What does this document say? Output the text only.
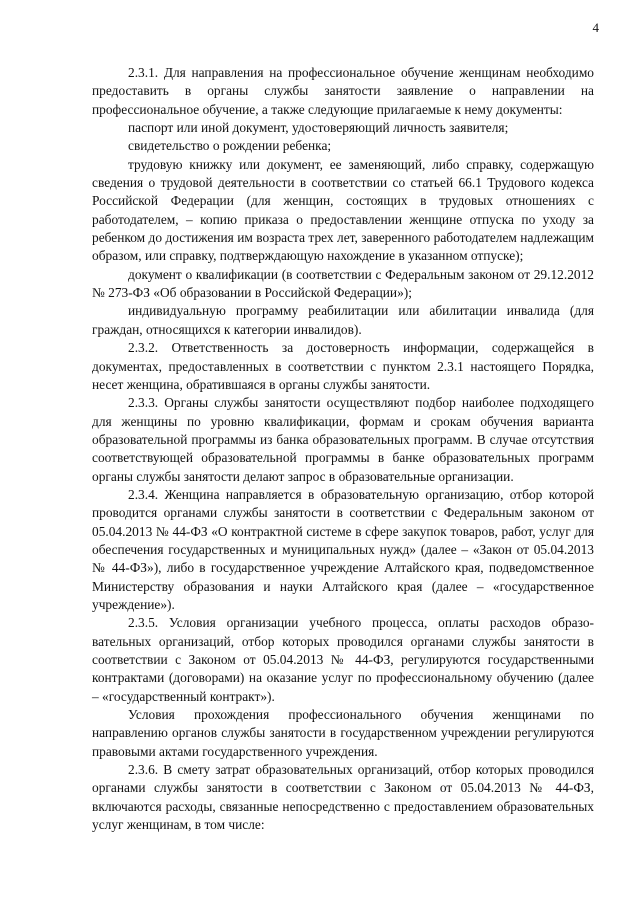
4

2.3.1. Для направления на профессиональное обучение женщинам необходимо предоставить в органы службы занятости заявление о направлении на профессиональное обучение, а также следующие прилагаемые к нему документы:

паспорт или иной документ, удостоверяющий личность заявителя;

свидетельство о рождении ребенка;

трудовую книжку или документ, ее заменяющий, либо справку, содержащую сведения о трудовой деятельности в соответствии со статьей 66.1 Трудового кодекса Российской Федерации (для женщин, состоящих в трудовых отношениях с работодателем, – копию приказа о предоставлении женщине отпуска по уходу за ребенком до достижения им возраста трех лет, заверенного работодателем надлежащим образом, или справку, подтверждающую нахождение в указанном отпуске);

документ о квалификации (в соответствии с Федеральным законом от 29.12.2012 № 273-ФЗ «Об образовании в Российской Федерации»);

индивидуальную программу реабилитации или абилитации инвалида (для граждан, относящихся к категории инвалидов).

2.3.2. Ответственность за достоверность информации, содержащейся в документах, предоставленных в соответствии с пунктом 2.3.1 настоящего Порядка, несет женщина, обратившаяся в органы службы занятости.

2.3.3. Органы службы занятости осуществляют подбор наиболее подходящего для женщины по уровню квалификации, формам и срокам обучения варианта образовательной программы из банка образовательных программ. В случае отсутствия соответствующей образовательной программы в банке образовательных программ органы службы занятости делают запрос в образовательные организации.

2.3.4. Женщина направляется в образовательную организацию, отбор которой проводится органами службы занятости в соответствии с Федеральным законом от 05.04.2013 № 44-ФЗ «О контрактной системе в сфере закупок товаров, работ, услуг для обеспечения государственных и муниципальных нужд» (далее – «Закон от 05.04.2013 № 44-ФЗ»), либо в государственное учреждение Алтайского края, подведомственное Министерству образования и науки Алтайского края (далее – «государственное учреждение»).

2.3.5. Условия организации учебного процесса, оплаты расходов образовательных организаций, отбор которых проводился органами службы занятости в соответствии с Законом от 05.04.2013 № 44-ФЗ, регулируются государственными контрактами (договорами) на оказание услуг по профессиональному обучению (далее – «государственный контракт»).

Условия прохождения профессионального обучения женщинами по направлению органов службы занятости в государственном учреждении регулируются правовыми актами государственного учреждения.

2.3.6. В смету затрат образовательных организаций, отбор которых проводился органами службы занятости в соответствии с Законом от 05.04.2013 № 44-ФЗ, включаются расходы, связанные непосредственно с предоставлением образовательных услуг женщинам, в том числе:
